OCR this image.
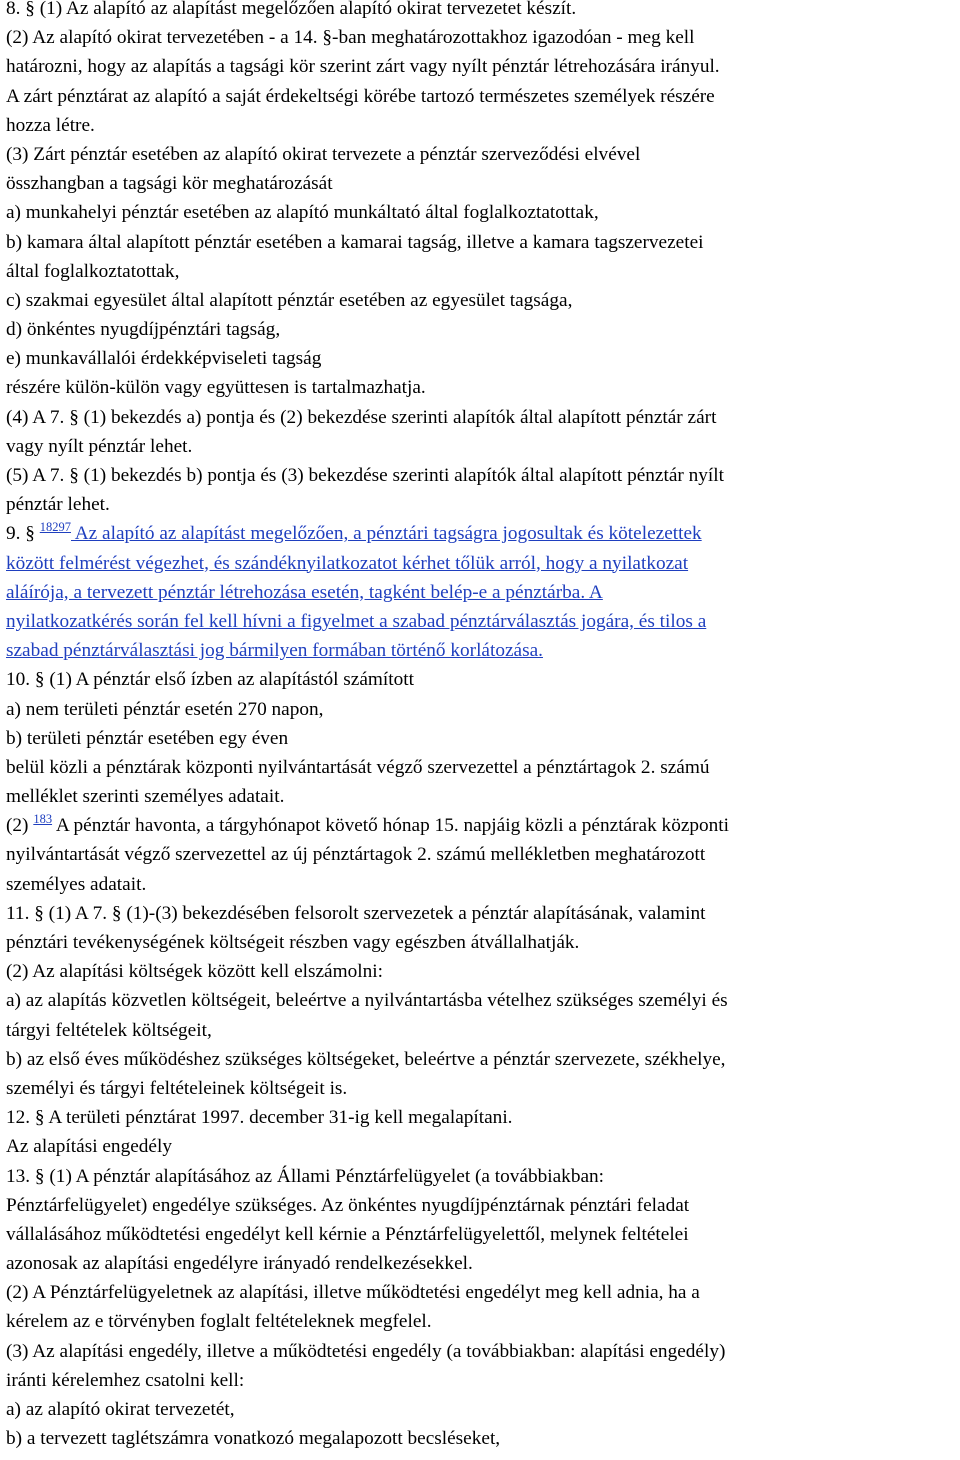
8. § (1) Az alapító az alapítást megelőzően alapító okirat tervezetet készít.
(2) Az alapító okirat tervezetében - a 14. §-ban meghatározottakhoz igazodóan - meg kell
határozni, hogy az alapítás a tagsági kör szerint zárt vagy nyílt pénztár létrehozására irányul.
A zárt pénztárat az alapító a saját érdekeltségi körébe tartozó természetes személyek részére
hozza létre.
(3) Zárt pénztár esetében az alapító okirat tervezete a pénztár szerveződési elvével
összhangban a tagsági kör meghatározását
a) munkahelyi pénztár esetében az alapító munkáltató által foglalkoztatottak,
b) kamara által alapított pénztár esetében a kamarai tagság, illetve a kamara tagszervezetei
által foglalkoztatottak,
c) szakmai egyesület által alapított pénztár esetében az egyesület tagsága,
d) önkéntes nyugdíjpénztári tagság,
e) munkavállalói érdekképviseleti tagság
részére külön-külön vagy együttesen is tartalmazhatja.
(4) A 7. § (1) bekezdés a) pontja és (2) bekezdése szerinti alapítók által alapított pénztár zárt
vagy nyílt pénztár lehet.
(5) A 7. § (1) bekezdés b) pontja és (3) bekezdése szerinti alapítók által alapított pénztár nyílt
pénztár lehet.
9. § $^{18297}$ Az alapító az alapítást megelőzően, a pénztári tagságra jogosultak és kötelezettek
között felmérést végezhet, és szándéknyilatkozatot kérhet tőlük arról, hogy a nyilatkozat
aláírója, a tervezett pénztár létrehozása esetén, tagként belép-e a pénztárba. A
nyilatkozatkérés során fel kell hívni a figyelmet a szabad pénztárválasztás jogára, és tilos a
szabad pénztárválasztási jog bármilyen formában történő korlátozása.
10. § (1) A pénztár első ízben az alapítástól számított
a) nem területi pénztár esetén 270 napon,
b) területi pénztár esetében egy éven
belül közli a pénztárak központi nyilvántartását végző szervezettel a pénztártagok 2. számú
melléklet szerinti személyes adatait.
(2) $^{183}$ A pénztár havonta, a tárgyhónapot követő hónap 15. napjáig közli a pénztárak központi
nyilvántartását végző szervezettel az új pénztártagok 2. számú mellékletben meghatározott
személyes adatait.
11. § (1) A 7. § (1)-(3) bekezdésében felsorolt szervezetek a pénztár alapításának, valamint
pénztári tevékenységének költségeit részben vagy egészben átvállalhatják.
(2) Az alapítási költségek között kell elszámolni:
a) az alapítás közvetlen költségeit, beleértve a nyilvántartásba vételhez szükséges személyi és
tárgyi feltételek költségeit,
b) az első éves működéshez szükséges költségeket, beleértve a pénztár szervezete, székhelye,
személyi és tárgyi feltételeinek költségeit is.
12. § A területi pénztárat 1997. december 31-ig kell megalapítani.
Az alapítási engedély
13. § (1) A pénztár alapításához az Állami Pénztárfelügyelet (a továbbiakban:
Pénztárfelügyelet) engedélye szükséges. Az önkéntes nyugdíjpénztárnak pénztári feladat
vállalásához működtetési engedélyt kell kérnie a Pénztárfelügyelettől, melynek feltételei
azonosak az alapítási engedélyre irányadó rendelkezésekkel.
(2) A Pénztárfelügyeletnek az alapítási, illetve működtetési engedélyt meg kell adnia, ha a
kérelem az e törvényben foglalt feltételeknek megfelel.
(3) Az alapítási engedély, illetve a működtetési engedély (a továbbiakban: alapítási engedély)
iránti kérelemhez csatolni kell:
a) az alapító okirat tervezetét,
b) a tervezett taglétszámra vonatkozó megalapozott becsléseket,
